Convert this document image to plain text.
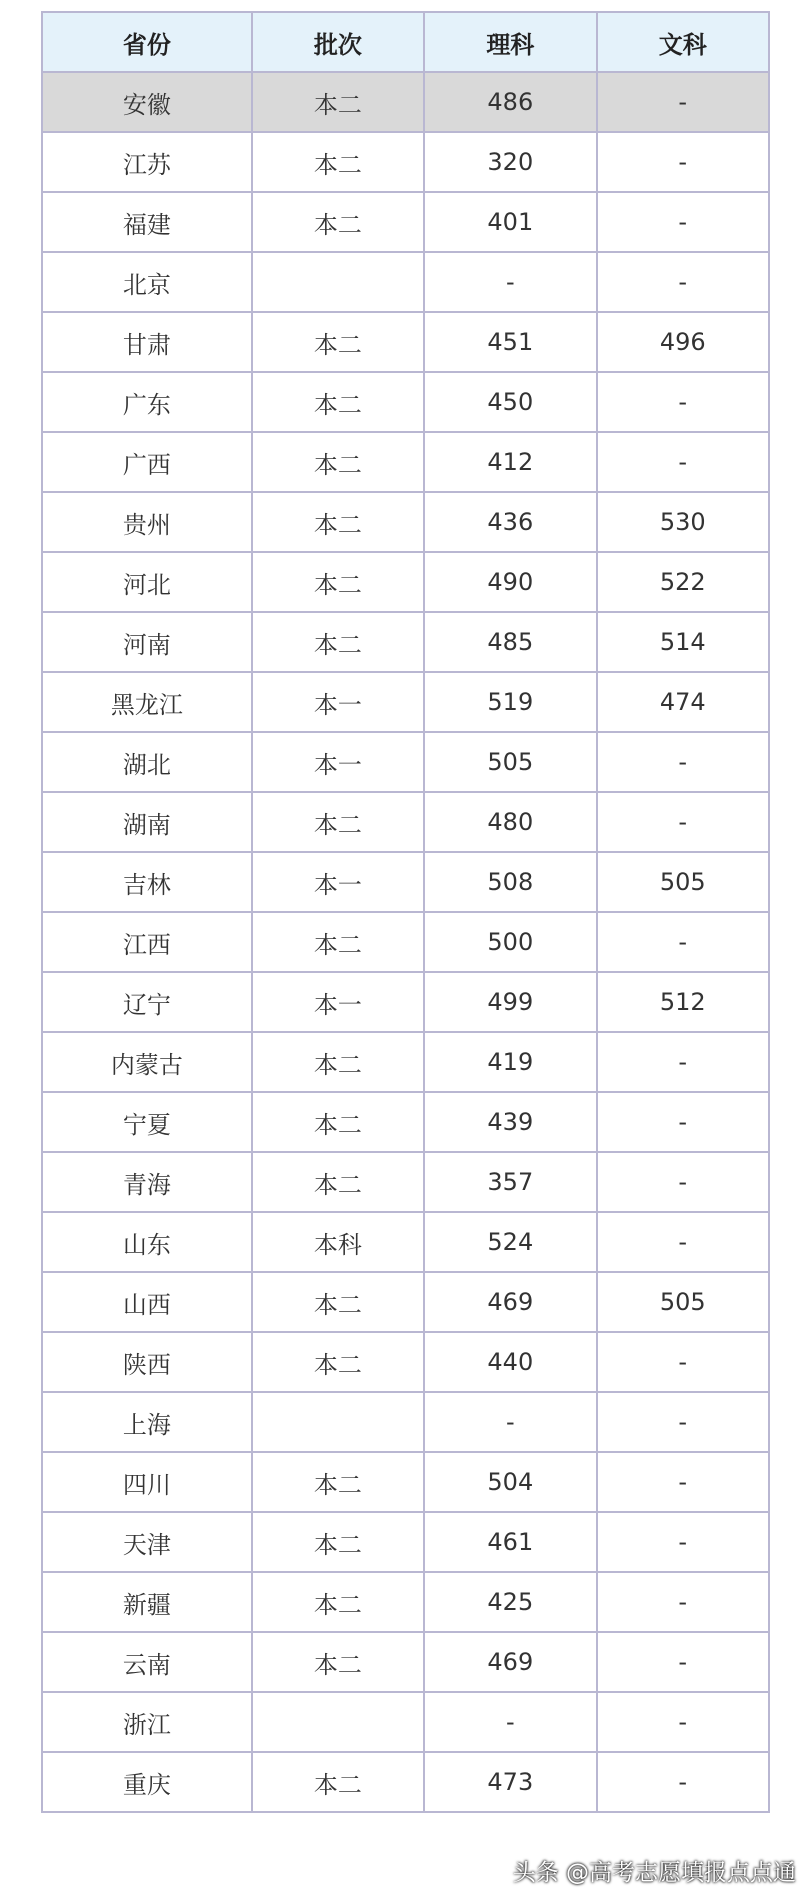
省份	批次	理科	文科
安徽	本二	486	-
江苏	本二	320	-
福建	本二	401	-
北京		-	-
甘肃	本二	451	496
广东	本二	450	-
广西	本二	412	-
贵州	本二	436	530
河北	本二	490	522
河南	本二	485	514
黑龙江	本一	519	474
湖北	本一	505	-
湖南	本二	480	-
吉林	本一	508	505
江西	本二	500	-
辽宁	本一	499	512
内蒙古	本二	419	-
宁夏	本二	439	-
青海	本二	357	-
山东	本科	524	-
山西	本二	469	505
陕西	本二	440	-
上海		-	-
四川	本二	504	-
天津	本二	461	-
新疆	本二	425	-
云南	本二	469	-
浙江		-	-
重庆	本二	473	-
头条 @高考志愿填报点点通
